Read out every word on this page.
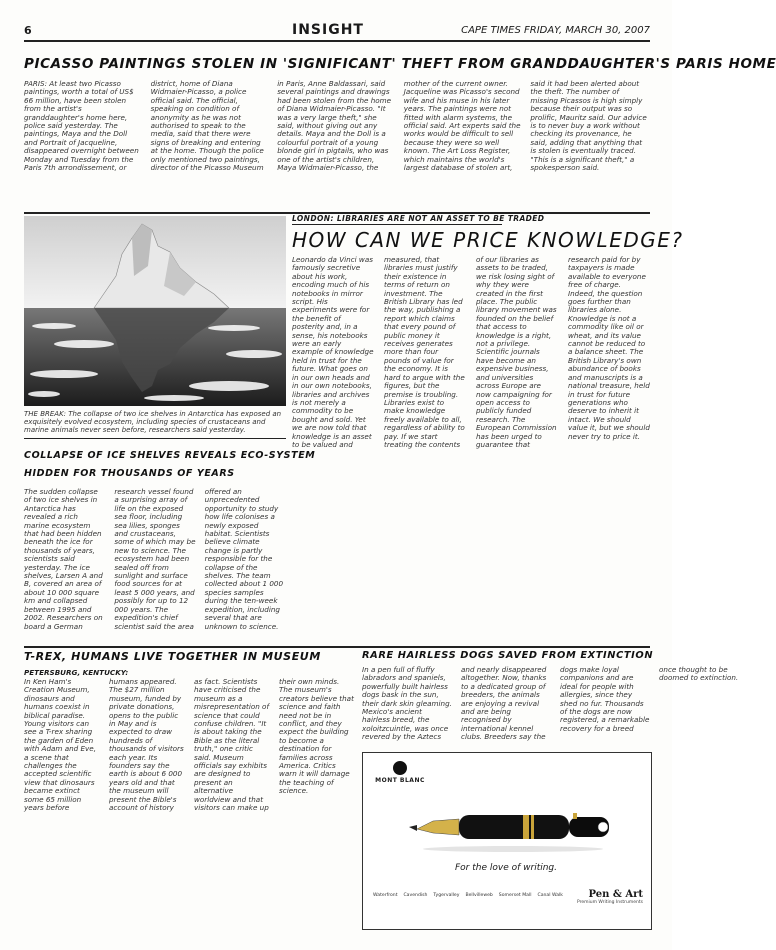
6	INSIGHT	CAPE TIMES FRIDAY, MARCH 30, 2007
PICASSO PAINTINGS STOLEN IN 'SIGNIFICANT' THEFT FROM GRANDDAUGHTER'S PARIS HOME
PARIS: At least two Picasso paintings, worth a total of US$ 66 million, have been stolen from the artist's granddaughter's home here, police said yesterday. The paintings, Maya and the Doll and Portrait of Jacqueline, disappeared overnight between Monday and Tuesday from the Paris 7th arrondissement, or district, home of Diana Widmaier-Picasso, a police official said. The official, speaking on condition of anonymity as he was not authorised to speak to the media, said that there were signs of breaking and entering at the home. Though the police only mentioned two paintings, director of the Picasso Museum in Paris, Anne Baldassari, said several paintings and drawings had been stolen from the home of Diana Widmaier-Picasso. "It was a very large theft," she said, without giving out any details. Maya and the Doll is a colourful portrait of a young blonde girl in pigtails, who was one of the artist's children, Maya Widmaier-Picasso, the mother of the current owner. Jacqueline was Picasso's second wife and his muse in his later years. The paintings were not fitted with alarm systems, the official said. Art experts said the works would be difficult to sell because they were so well known. The Art Loss Register, which maintains the world's largest database of stolen art, said it had been alerted about the theft. The number of missing Picassos is high simply because their output was so prolific, Mauritz said. Our advice is to never buy a work without checking its provenance, he said, adding that anything that is stolen is eventually traced. "This is a significant theft," a spokesperson said.
THE BREAK: The collapse of two ice shelves in Antarctica has exposed an exquisitely evolved ecosystem, including species of crustaceans and marine animals never seen before, researchers said yesterday.
LONDON: LIBRARIES ARE NOT AN ASSET TO BE TRADED
HOW CAN WE PRICE KNOWLEDGE?
Leonardo da Vinci was famously secretive about his work, encoding much of his notebooks in mirror script. His experiments were for the benefit of posterity and, in a sense, his notebooks were an early example of knowledge held in trust for the future. What goes on in our own heads and in our own notebooks, libraries and archives is not merely a commodity to be bought and sold. Yet we are now told that knowledge is an asset to be valued and measured, that libraries must justify their existence in terms of return on investment. The British Library has led the way, publishing a report which claims that every pound of public money it receives generates more than four pounds of value for the economy. It is hard to argue with the figures, but the premise is troubling. Libraries exist to make knowledge freely available to all, regardless of ability to pay. If we start treating the contents of our libraries as assets to be traded, we risk losing sight of why they were created in the first place. The public library movement was founded on the belief that access to knowledge is a right, not a privilege. Scientific journals have become an expensive business, and universities across Europe are now campaigning for open access to publicly funded research. The European Commission has been urged to guarantee that research paid for by taxpayers is made available to everyone free of charge. Indeed, the question goes further than libraries alone. Knowledge is not a commodity like oil or wheat, and its value cannot be reduced to a balance sheet. The British Library's own abundance of books and manuscripts is a national treasure, held in trust for future generations who deserve to inherit it intact. We should value it, but we should never try to price it.
COLLAPSE OF ICE SHELVES REVEALS ECO-SYSTEM
HIDDEN FOR THOUSANDS OF YEARS
The sudden collapse of two ice shelves in Antarctica has revealed a rich marine ecosystem that had been hidden beneath the ice for thousands of years, scientists said yesterday. The ice shelves, Larsen A and B, covered an area of about 10 000 square km and collapsed between 1995 and 2002. Researchers on board a German research vessel found a surprising array of life on the exposed sea floor, including sea lilies, sponges and crustaceans, some of which may be new to science. The ecosystem had been sealed off from sunlight and surface food sources for at least 5 000 years, and possibly for up to 12 000 years. The expedition's chief scientist said the area offered an unprecedented opportunity to study how life colonises a newly exposed habitat. Scientists believe climate change is partly responsible for the collapse of the shelves. The team collected about 1 000 species samples during the ten-week expedition, including several that are unknown to science.
T-REX, HUMANS LIVE TOGETHER IN MUSEUM
PETERSBURG, KENTUCKY:
In Ken Ham's Creation Museum, dinosaurs and humans coexist in biblical paradise. Young visitors can see a T-rex sharing the garden of Eden with Adam and Eve, a scene that challenges the accepted scientific view that dinosaurs became extinct some 65 million years before humans appeared. The $27 million museum, funded by private donations, opens to the public in May and is expected to draw hundreds of thousands of visitors each year. Its founders say the earth is about 6 000 years old and that the museum will present the Bible's account of history as fact. Scientists have criticised the museum as a misrepresentation of science that could confuse children. "It is about taking the Bible as the literal truth," one critic said. Museum officials say exhibits are designed to present an alternative worldview and that visitors can make up their own minds. The museum's creators believe that science and faith need not be in conflict, and they expect the building to become a destination for families across America. Critics warn it will damage the teaching of science.
RARE HAIRLESS DOGS SAVED FROM EXTINCTION
In a pen full of fluffy labradors and spaniels, powerfully built hairless dogs bask in the sun, their dark skin gleaming. Mexico's ancient hairless breed, the xoloitzcuintle, was once revered by the Aztecs and nearly disappeared altogether. Now, thanks to a dedicated group of breeders, the animals are enjoying a revival and are being recognised by international kennel clubs. Breeders say the dogs make loyal companions and are ideal for people with allergies, since they shed no fur. Thousands of the dogs are now registered, a remarkable recovery for a breed once thought to be doomed to extinction.
MONT BLANC
For the love of writing.
Waterfront Cavendish Tygervalley Bellvilleweb Somerset Mall Canal Walk	Pen & Art
Premium Writing Instruments
